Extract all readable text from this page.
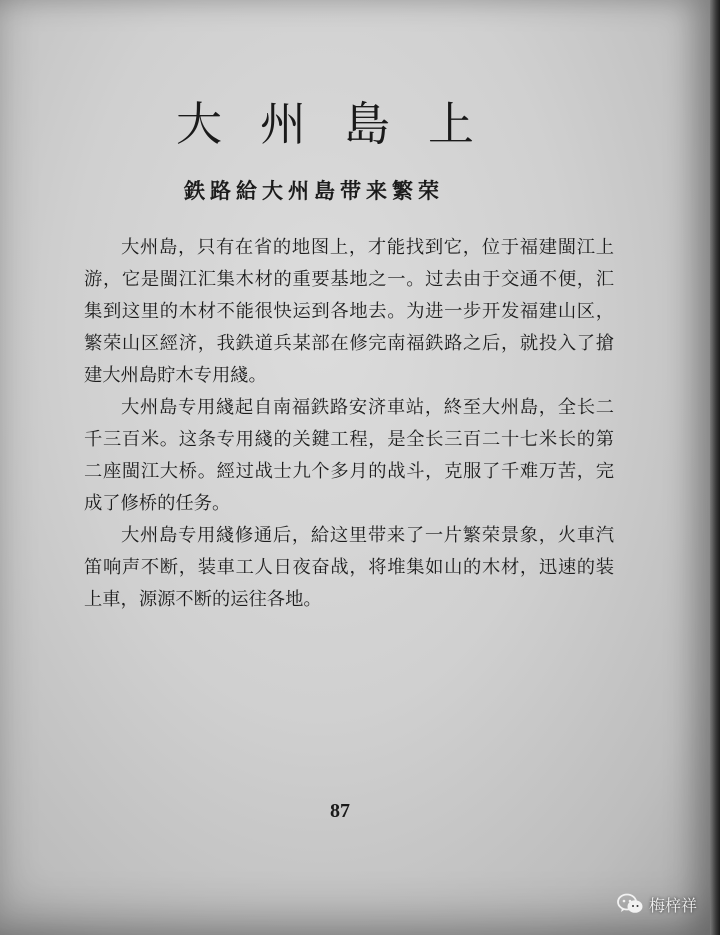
大州島上
鉄路給大州島带来繁荣

大州島，只有在省的地图上，才能找到它，位于福建閩江上游，它是閩江汇集木材的重要基地之一。过去由于交通不便，汇集到这里的木材不能很快运到各地去。为进一步开发福建山区，繁荣山区經济，我鉄道兵某部在修完南福鉄路之后，就投入了搶建大州島貯木专用綫。

大州島专用綫起自南福鉄路安济車站，終至大州島，全长二千三百米。这条专用綫的关鍵工程，是全长三百二十七米长的第二座閩江大桥。經过战士九个多月的战斗，克服了千难万苦，完成了修桥的任务。

大州島专用綫修通后，給这里带来了一片繁荣景象，火車汽笛响声不断，装車工人日夜奋战，将堆集如山的木材，迅速的装上車，源源不断的运往各地。

87
梅梓祥
